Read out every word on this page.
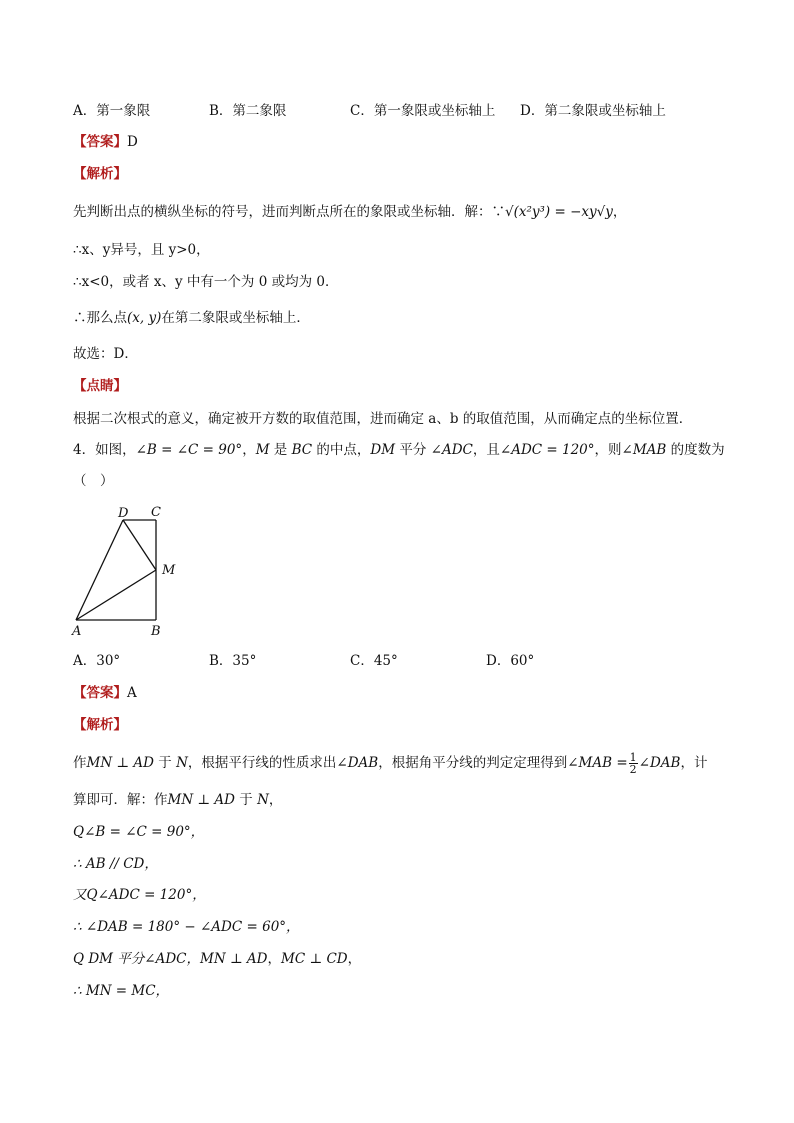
A．第一象限	B．第二象限	C．第一象限或坐标轴上 D．第二象限或坐标轴上
【答案】D
【解析】
先判断出点的横纵坐标的符号，进而判断点所在的象限或坐标轴．解：∵√(x²y³) = −xy√y，
∴x、y异号，且 y>0，
∴x<0，或者 x、y 中有一个为 0 或均为 0．
∴那么点(x, y)在第二象限或坐标轴上．
故选：D．
【点睛】
根据二次根式的意义，确定被开方数的取值范围，进而确定 a、b 的取值范围，从而确定点的坐标位置．
4．如图，∠B = ∠C = 90°，M 是 BC 的中点，DM 平分 ∠ADC，且∠ADC = 120°，则∠MAB 的度数为
（　）
D C
M
A	B
A．30°	B．35°	C．45°	D．60°
【答案】A
【解析】
作MN ⊥ AD 于 N，根据平行线的性质求出∠DAB，根据角平分线的判定定理得到∠MAB = $\frac{1}{2}$ ∠DAB，计
算即可．解：作MN ⊥ AD 于 N，
Q∠B = ∠C = 90°，
∴ AB // CD，
又Q∠ADC = 120°，
∴ ∠DAB = 180° − ∠ADC = 60°，
Q DM 平分∠ADC，MN ⊥ AD，MC ⊥ CD，
∴ MN = MC，
